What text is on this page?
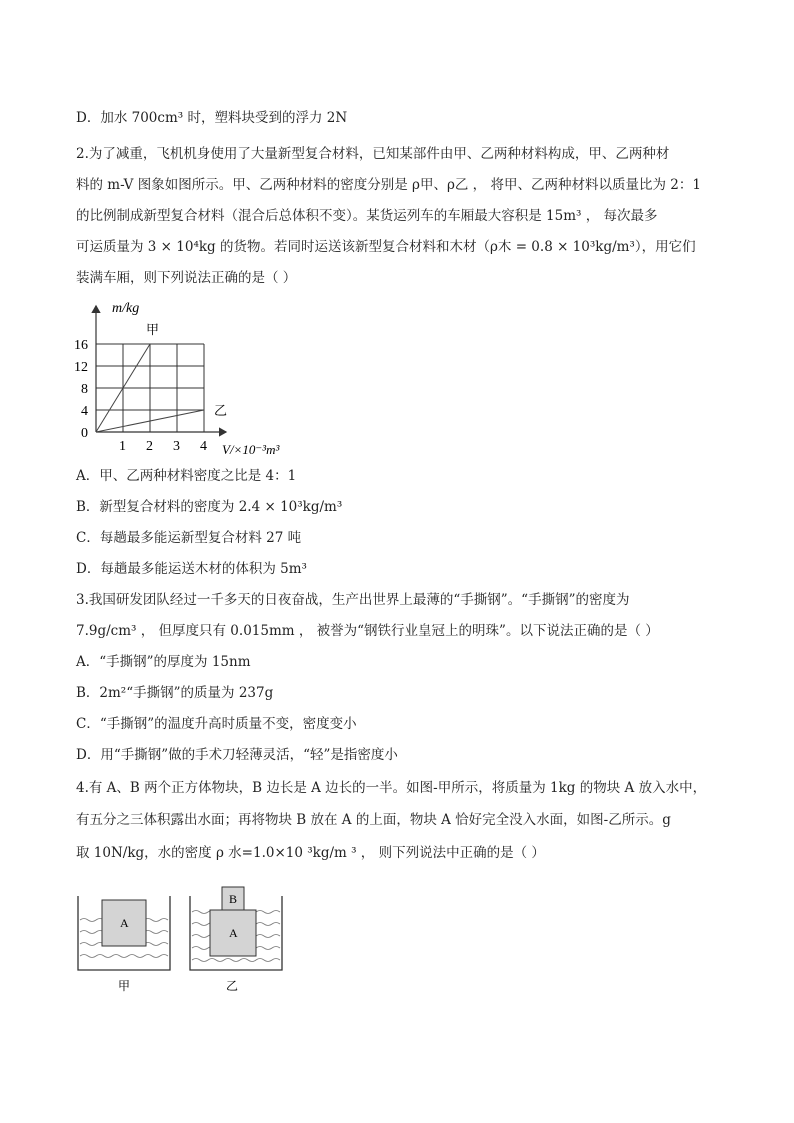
D．加水 700cm³ 时，塑料块受到的浮力 2N
2.为了减重，飞机机身使用了大量新型复合材料，已知某部件由甲、乙两种材料构成，甲、乙两种材
料的 m-V 图象如图所示。甲、乙两种材料的密度分别是 ρ甲、ρ乙 ， 将甲、乙两种材料以质量比为 2：1
的比例制成新型复合材料（混合后总体积不变）。某货运列车的车厢最大容积是 15m³ ， 每次最多
可运质量为 3 × 10⁴kg 的货物。若同时运送该新型复合材料和木材（ρ木 = 0.8 × 10³kg/m³），用它们
装满车厢，则下列说法正确的是（ ）
m/kg
甲
乙
16
12
8
4
0
1 2 3 4 V/×10⁻³m³
A．甲、乙两种材料密度之比是 4：1
B．新型复合材料的密度为 2.4 × 10³kg/m³
C．每趟最多能运新型复合材料 27 吨
D．每趟最多能运送木材的体积为 5m³
3.我国研发团队经过一千多天的日夜奋战，生产出世界上最薄的“手撕钢”。“手撕钢”的密度为
7.9g/cm³ ， 但厚度只有 0.015mm ， 被誉为“钢铁行业皇冠上的明珠”。以下说法正确的是（ ）
A．“手撕钢”的厚度为 15nm
B．2m²“手撕钢”的质量为 237g
C．“手撕钢”的温度升高时质量不变，密度变小
D．用“手撕钢”做的手术刀轻薄灵活，“轻”是指密度小
4.有 A、B 两个正方体物块，B 边长是 A 边长的一半。如图-甲所示，将质量为 1kg 的物块 A 放入水中，
有五分之三体积露出水面；再将物块 B 放在 A 的上面，物块 A 恰好完全没入水面，如图-乙所示。g
取 10N/kg，水的密度 ρ 水=1.0×10 ³kg/m ³ ， 则下列说法中正确的是（ ）
A
甲
A
B
乙
